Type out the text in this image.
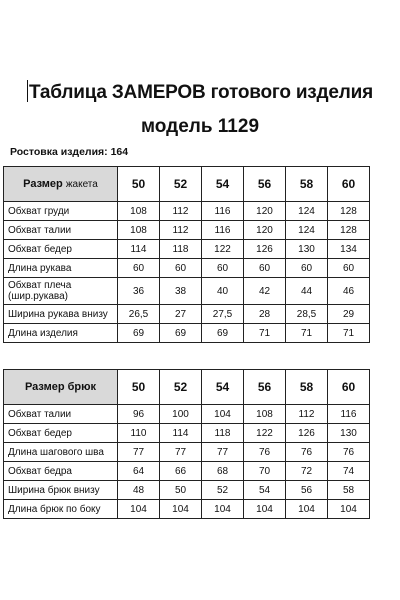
Таблица ЗАМЕРОВ готового изделия
модель 1129
Ростовка изделия: 164
Размер жакета	50	52	54	56	58	60
Обхват груди	108	112	116	120	124	128
Обхват талии	108	112	116	120	124	128
Обхват бедер	114	118	122	126	130	134
Длина рукава	60	60	60	60	60	60
Обхват плеча
(шир.рукава)	36	38	40	42	44	46
Ширина рукава внизу	26,5	27	27,5	28	28,5	29
Длина изделия	69	69	69	71	71	71
Размер брюк	50	52	54	56	58	60
Обхват талии	96	100	104	108	112	116
Обхват бедер	110	114	118	122	126	130
Длина шагового шва	77	77	77	76	76	76
Обхват бедра	64	66	68	70	72	74
Ширина брюк внизу	48	50	52	54	56	58
Длина брюк по боку	104	104	104	104	104	104
